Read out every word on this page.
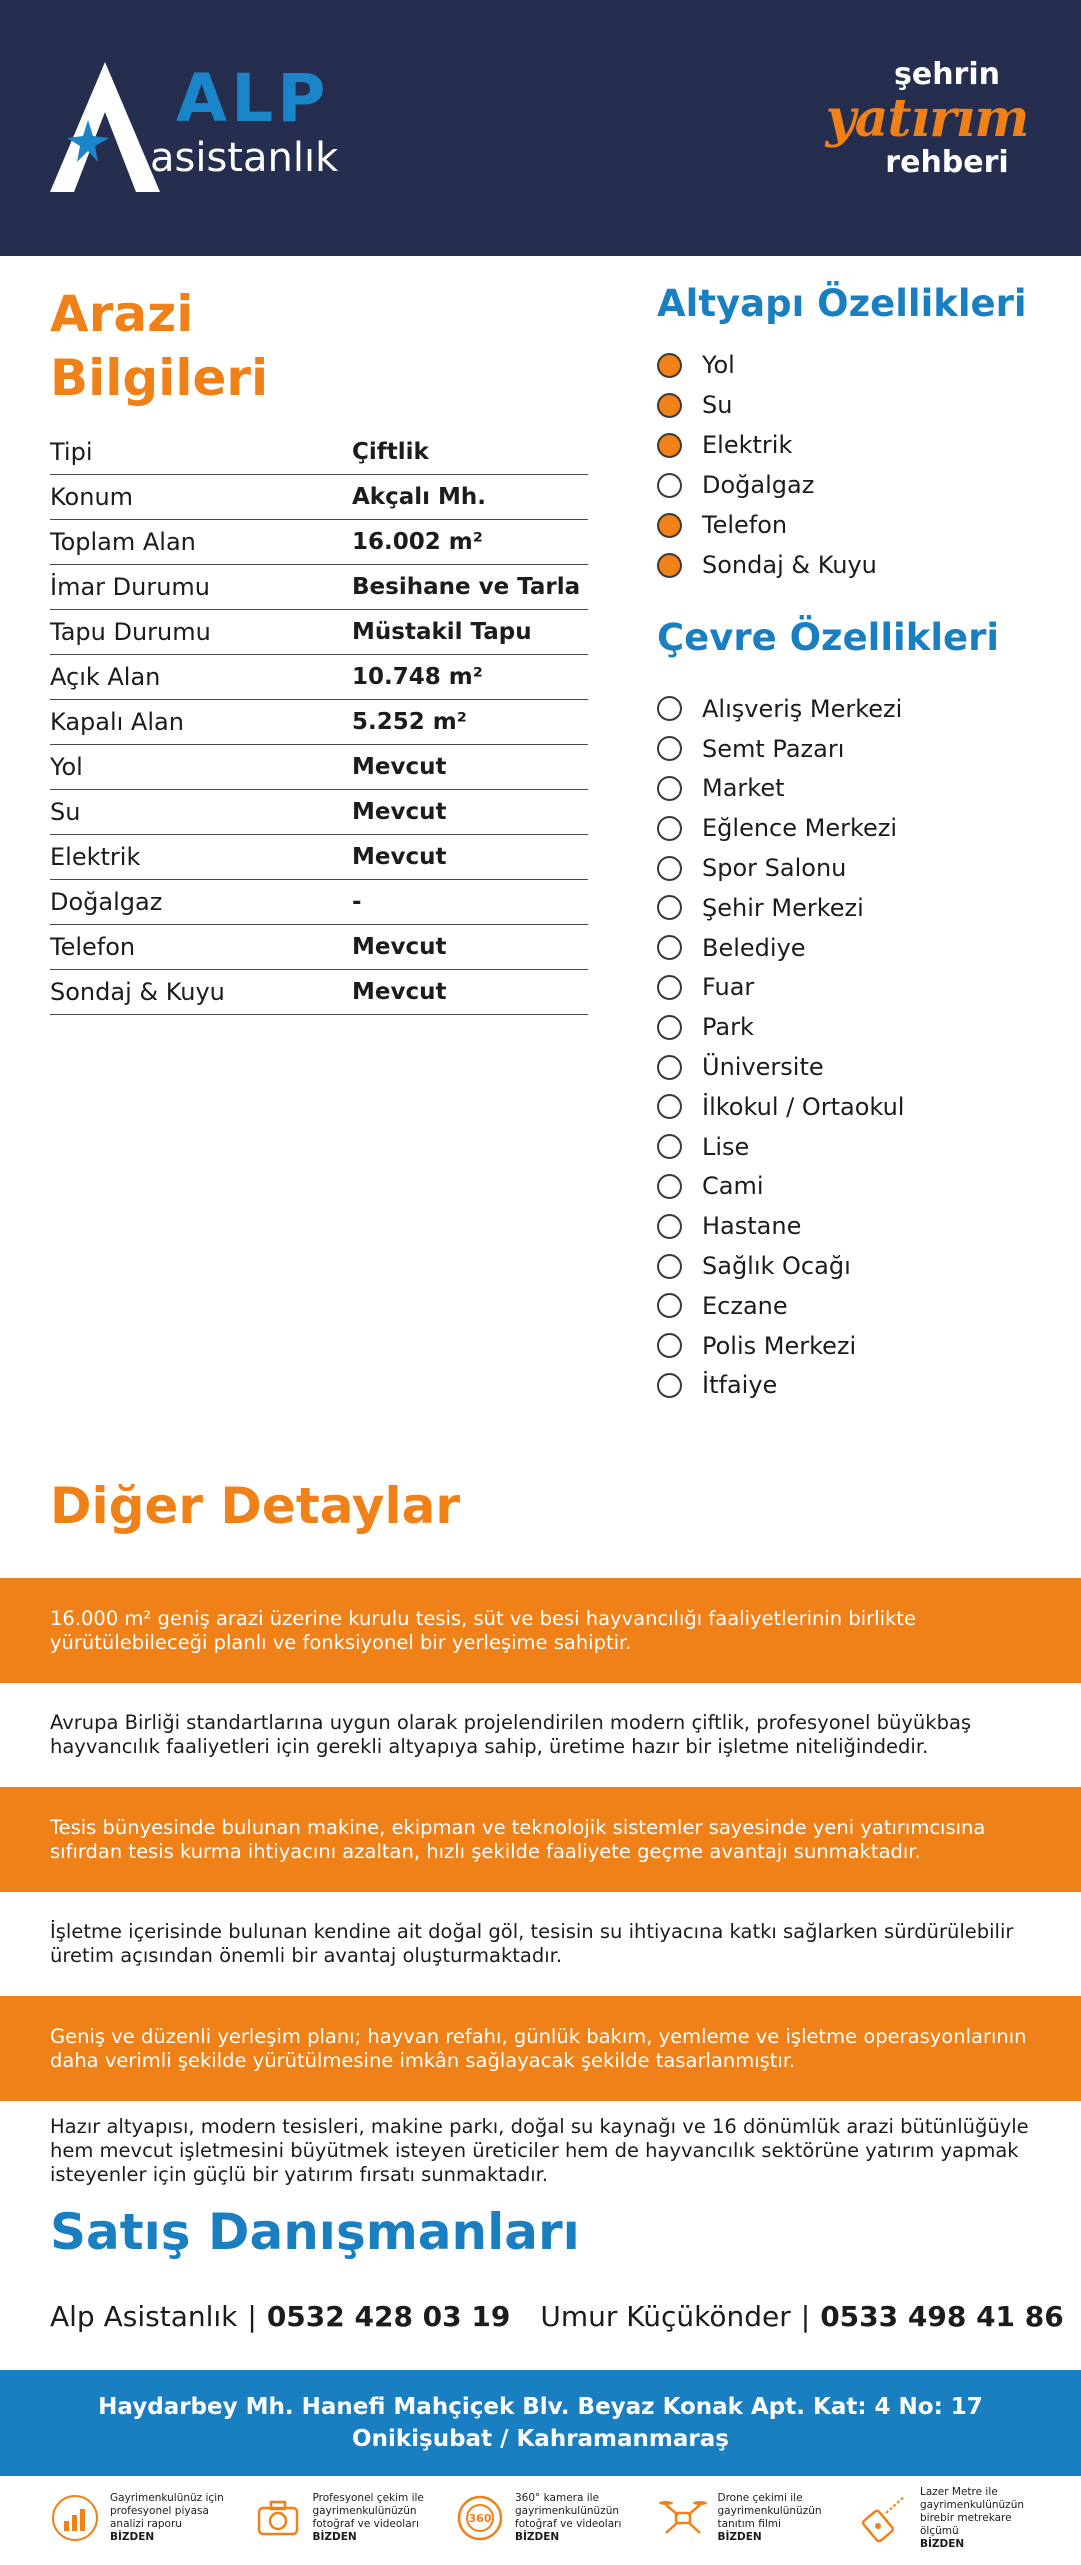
ALP
asistanlık
şehrin
yatırım
rehberi
Arazi
Bilgileri
Tipi	Çiftlik
Konum	Akçalı Mh.
Toplam Alan	16.002 m²
İmar Durumu	Besihane ve Tarla
Tapu Durumu	Müstakil Tapu
Açık Alan	10.748 m²
Kapalı Alan	5.252 m²
Yol	Mevcut
Su	Mevcut
Elektrik	Mevcut
Doğalgaz	-
Telefon	Mevcut
Sondaj & Kuyu	Mevcut
Altyapı Özellikleri
Yol
Su
Elektrik
Doğalgaz
Telefon
Sondaj & Kuyu
Çevre Özellikleri
Alışveriş Merkezi
Semt Pazarı
Market
Eğlence Merkezi
Spor Salonu
Şehir Merkezi
Belediye
Fuar
Park
Üniversite
İlkokul / Ortaokul
Lise
Cami
Hastane
Sağlık Ocağı
Eczane
Polis Merkezi
İtfaiye
Diğer Detaylar
16.000 m² geniş arazi üzerine kurulu tesis, süt ve besi hayvancılığı faaliyetlerinin birlikte yürütülebileceği planlı ve fonksiyonel bir yerleşime sahiptir.
Avrupa Birliği standartlarına uygun olarak projelendirilen modern çiftlik, profesyonel büyükbaş hayvancılık faaliyetleri için gerekli altyapıya sahip, üretime hazır bir işletme niteliğindedir.
Tesis bünyesinde bulunan makine, ekipman ve teknolojik sistemler sayesinde yeni yatırımcısına sıfırdan tesis kurma ihtiyacını azaltan, hızlı şekilde faaliyete geçme avantajı sunmaktadır.
İşletme içerisinde bulunan kendine ait doğal göl, tesisin su ihtiyacına katkı sağlarken sürdürülebilir üretim açısından önemli bir avantaj oluşturmaktadır.
Geniş ve düzenli yerleşim planı; hayvan refahı, günlük bakım, yemleme ve işletme operasyonlarının daha verimli şekilde yürütülmesine imkân sağlayacak şekilde tasarlanmıştır.
Hazır altyapısı, modern tesisleri, makine parkı, doğal su kaynağı ve 16 dönümlük arazi bütünlüğüyle hem mevcut işletmesini büyütmek isteyen üreticiler hem de hayvancılık sektörüne yatırım yapmak isteyenler için güçlü bir yatırım fırsatı sunmaktadır.
Satış Danışmanları
Alp Asistanlık | 0532 428 03 19 Umur Küçükönder | 0533 498 41 86
Haydarbey Mh. Hanefi Mahçiçek Blv. Beyaz Konak Apt. Kat: 4 No: 17
Onikişubat / Kahramanmaraş
Gayrimenkulünüz için profesyonel piyasa analizi raporu
BİZDEN
Profesyonel çekim ile gayrimenkulünüzün fotoğraf ve videoları
BİZDEN
360
360° kamera ile gayrimenkulünüzün fotoğraf ve videoları
BİZDEN
Drone çekimi ile gayrimenkulünüzün tanıtım filmi
BİZDEN
Lazer Metre ile gayrimenkulünüzün birebir metrekare ölçümü
BİZDEN
